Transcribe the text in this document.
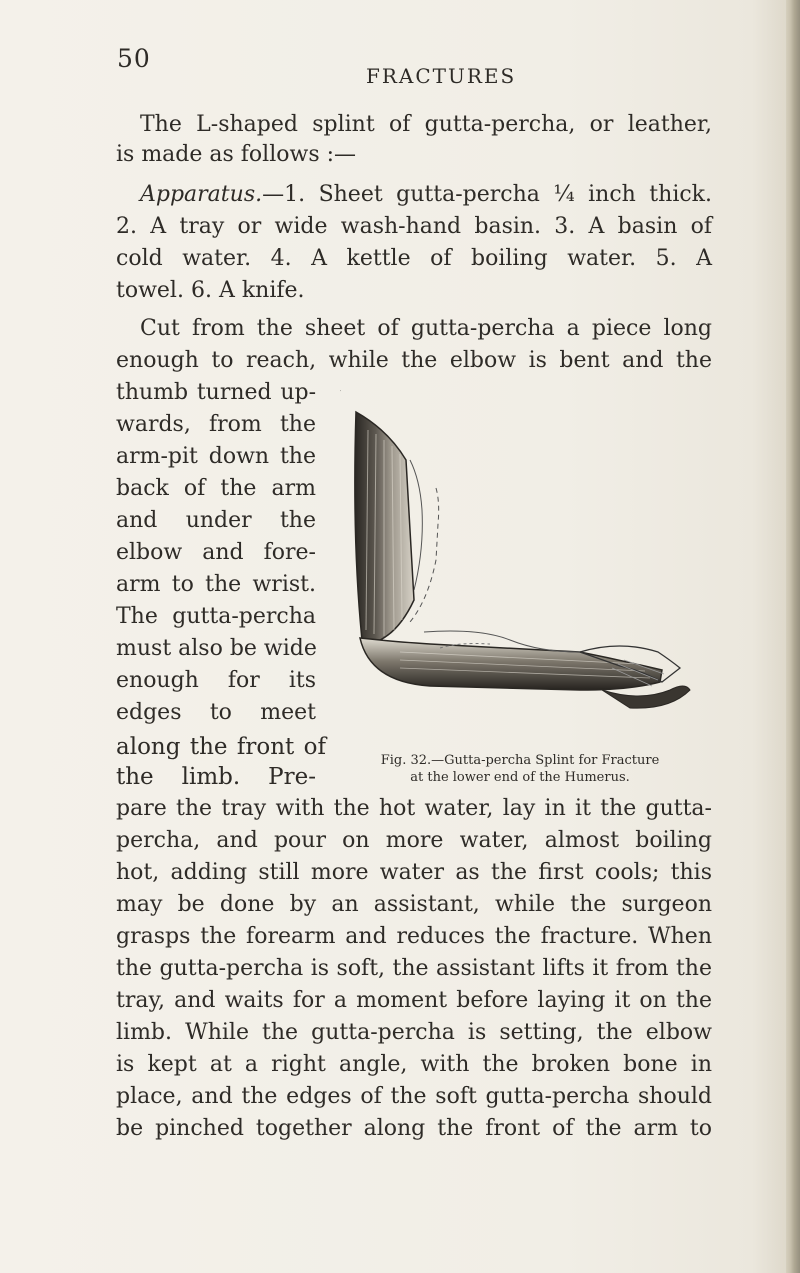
50
FRACTURES

The L-shaped splint of gutta-percha, or leather,

is made as follows :—

Apparatus.—1. Sheet gutta-percha ¼ inch thick.

2. A tray or wide wash-hand basin. 3. A basin of

cold water. 4. A kettle of boiling water. 5. A

towel. 6. A knife.

Cut from the sheet of gutta-percha a piece long

enough to reach, while the elbow is bent and the

thumb turned up-

wards, from the

arm-pit down the

back of the arm

and under the

elbow and fore-

arm to the wrist.

The gutta-percha

must also be wide

enough for its

edges to meet

along the front of

the limb. Pre-

pare the tray with the hot water, lay in it the gutta-

percha, and pour on more water, almost boiling

hot, adding still more water as the first cools; this

may be done by an assistant, while the surgeon

grasps the forearm and reduces the fracture. When

the gutta-percha is soft, the assistant lifts it from the

tray, and waits for a moment before laying it on the

limb. While the gutta-percha is setting, the elbow

is kept at a right angle, with the broken bone in

place, and the edges of the soft gutta-percha should

be pinched together along the front of the arm to

Fig. 32.—Gutta-percha Splint for Fracture
at the lower end of the Humerus.
